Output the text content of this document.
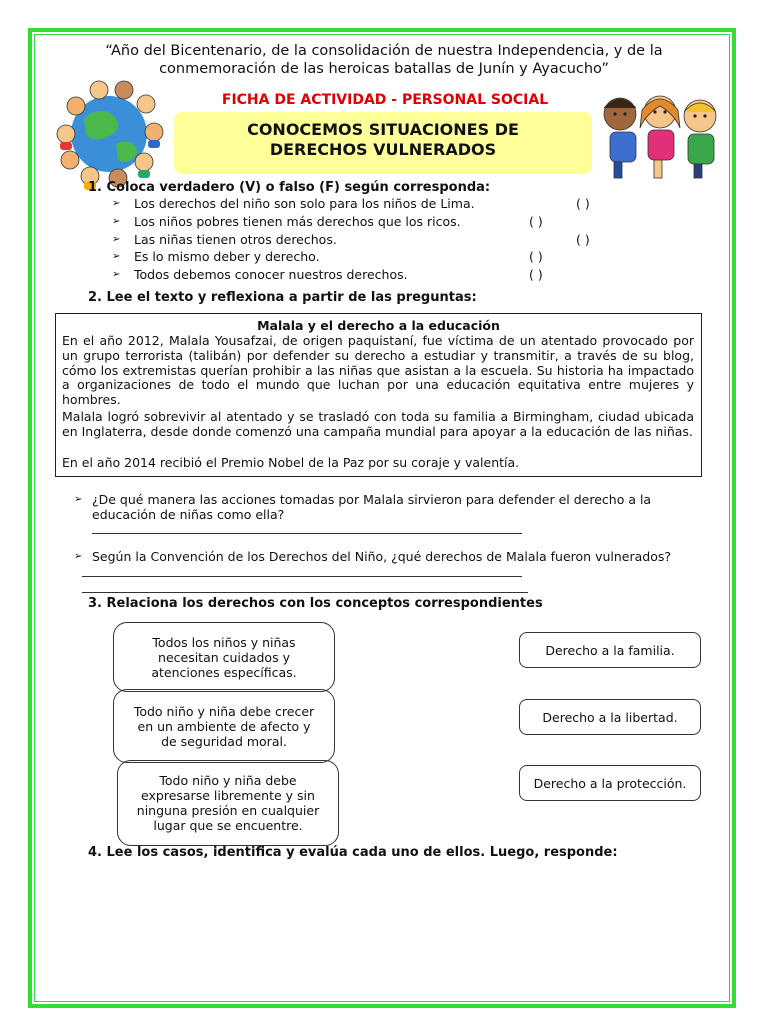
“Año del Bicentenario, de la consolidación de nuestra Independencia, y de la conmemoración de las heroicas batallas de Junín y Ayacucho”
FICHA DE ACTIVIDAD - PERSONAL SOCIAL
CONOCEMOS SITUACIONES DE
DERECHOS VULNERADOS
1. Coloca verdadero (V) o falso (F) según corresponda:
➢ Los derechos del niño son solo para los niños de Lima.	( )
➢ Los niños pobres tienen más derechos que los ricos.	( )
➢ Las niñas tienen otros derechos.	( )
➢ Es lo mismo deber y derecho.	( )
➢ Todos debemos conocer nuestros derechos.	( )
2. Lee el texto y reflexiona a partir de las preguntas:
Malala y el derecho a la educación
En el año 2012, Malala Yousafzai, de origen paquistaní, fue víctima de un atentado provocado por un grupo terrorista (talibán) por defender su derecho a estudiar y transmitir, a través de su blog, cómo los extremistas querían prohibir a las niñas que asistan a la escuela. Su historia ha impactado a organizaciones de todo el mundo que luchan por una educación equitativa entre mujeres y hombres.
Malala logró sobrevivir al atentado y se trasladó con toda su familia a Birmingham, ciudad ubicada en Inglaterra, desde donde comenzó una campaña mundial para apoyar a la educación de las niñas.
En el año 2014 recibió el Premio Nobel de la Paz por su coraje y valentía.
➢ ¿De qué manera las acciones tomadas por Malala sirvieron para defender el derecho a la educación de niñas como ella?
➢ Según la Convención de los Derechos del Niño, ¿qué derechos de Malala fueron vulnerados?
3. Relaciona los derechos con los conceptos correspondientes
Todos los niños y niñas necesitan cuidados y atenciones específicas.
Todo niño y niña debe crecer en un ambiente de afecto y de seguridad moral.
Todo niño y niña debe expresarse libremente y sin ninguna presión en cualquier lugar que se encuentre.
Derecho a la familia.
Derecho a la libertad.
Derecho a la protección.
4. Lee los casos, identifica y evalúa cada uno de ellos. Luego, responde:
